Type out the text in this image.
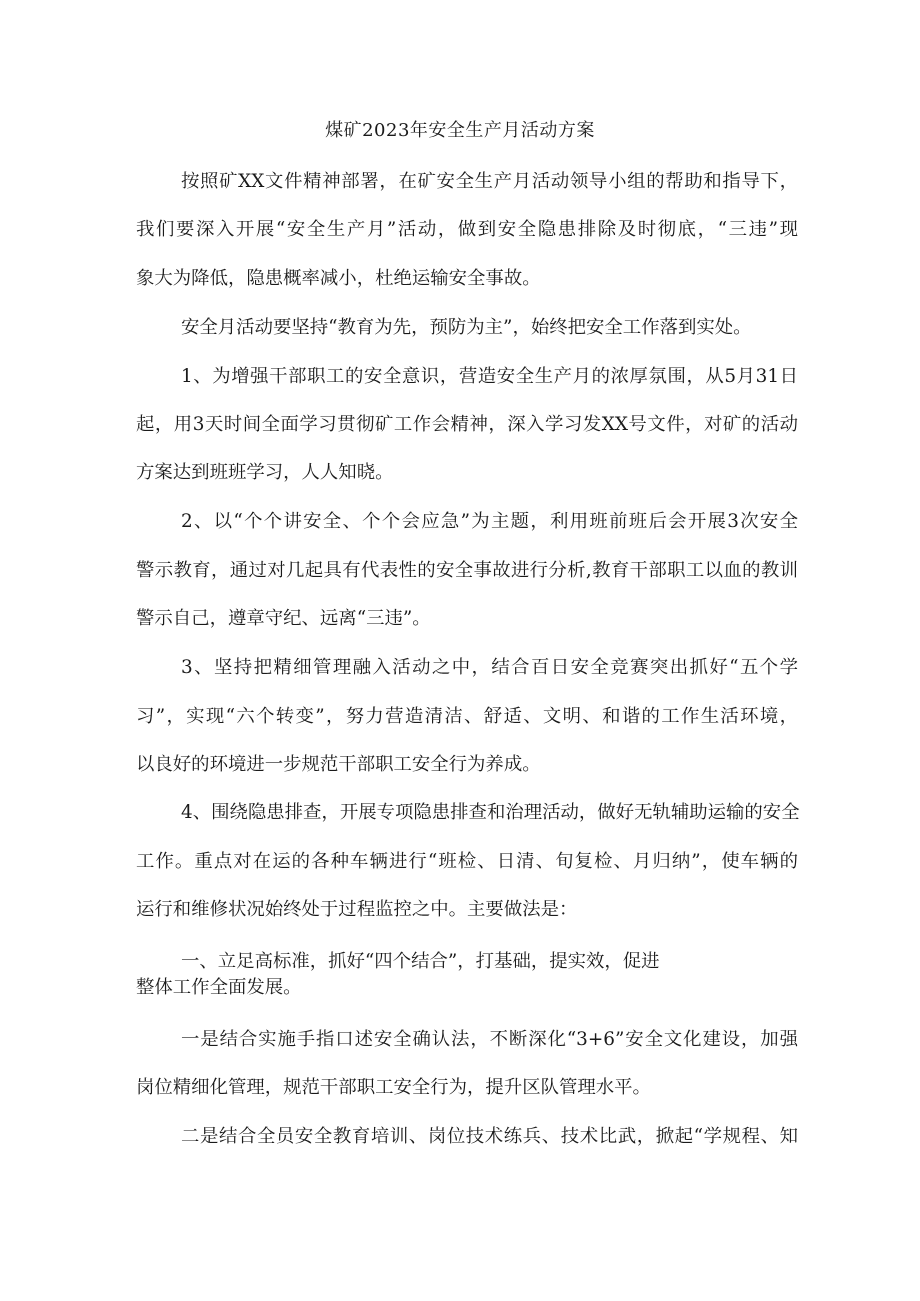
煤矿2023年安全生产月活动方案
按照矿XX文件精神部署，在矿安全生产月活动领导小组的帮助和指导下，
我们要深入开展“安全生产月”活动，做到安全隐患排除及时彻底，“三违”现
象大为降低，隐患概率减小，杜绝运输安全事故。
安全月活动要坚持“教育为先，预防为主”，始终把安全工作落到实处。
1、为增强干部职工的安全意识，营造安全生产月的浓厚氛围，从5月31日
起，用3天时间全面学习贯彻矿工作会精神，深入学习发XX号文件，对矿的活动
方案达到班班学习，人人知晓。
2、以“个个讲安全、个个会应急”为主题，利用班前班后会开展3次安全
警示教育，通过对几起具有代表性的安全事故进行分析,教育干部职工以血的教训
警示自己，遵章守纪、远离“三违”。
3、坚持把精细管理融入活动之中，结合百日安全竞赛突出抓好“五个学
习”，实现“六个转变”，努力营造清洁、舒适、文明、和谐的工作生活环境，
以良好的环境进一步规范干部职工安全行为养成。
4、围绕隐患排查，开展专项隐患排查和治理活动，做好无轨辅助运输的安全
工作。重点对在运的各种车辆进行“班检、日清、旬复检、月归纳”，使车辆的
运行和维修状况始终处于过程监控之中。主要做法是：
一、立足高标准，抓好“四个结合”，打基础，提实效，促进
整体工作全面发展。
一是结合实施手指口述安全确认法，不断深化“3+6”安全文化建设，加强
岗位精细化管理，规范干部职工安全行为，提升区队管理水平。
二是结合全员安全教育培训、岗位技术练兵、技术比武，掀起“学规程、知
